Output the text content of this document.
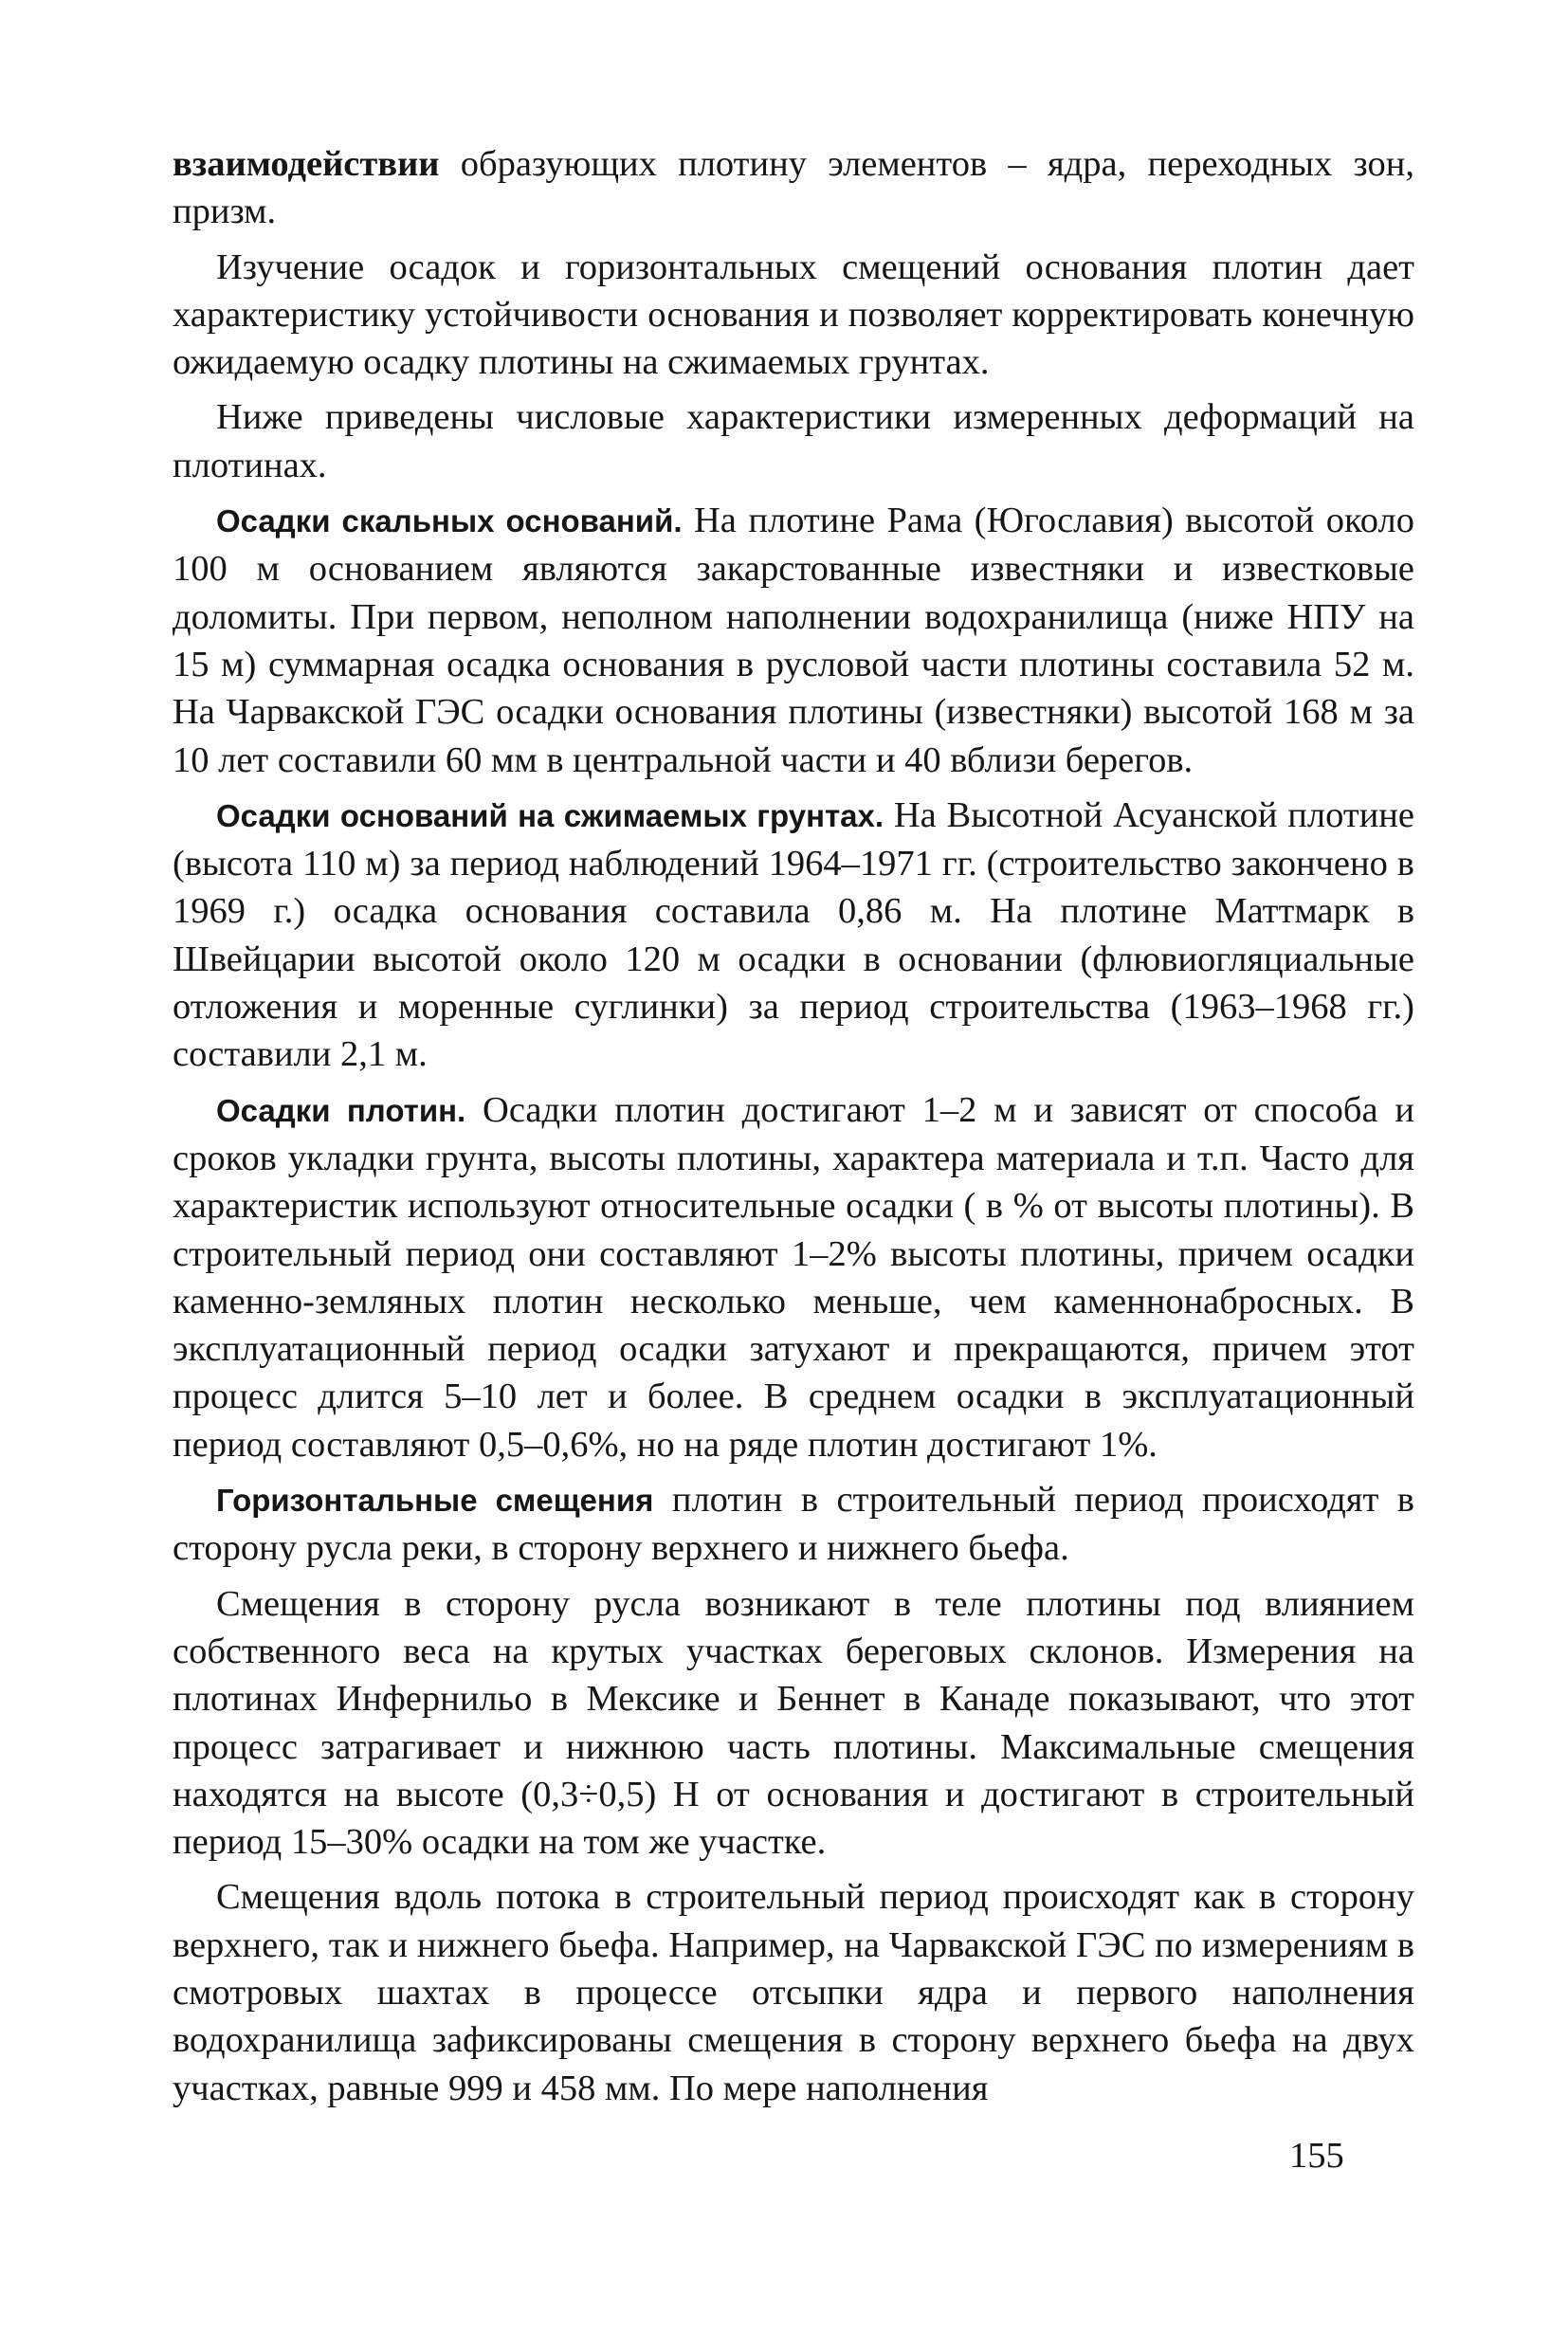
взаимодействии образующих плотину элементов – ядра, переходных зон, призм.

Изучение осадок и горизонтальных смещений основания плотин дает характеристику устойчивости основания и позволяет корректировать конечную ожидаемую осадку плотины на сжимаемых грунтах.

Ниже приведены числовые характеристики измеренных деформаций на плотинах.

Осадки скальных оснований. На плотине Рама (Югославия) высотой около 100 м основанием являются закарстованные известняки и известковые доломиты. При первом, неполном наполнении водохранилища (ниже НПУ на 15 м) суммарная осадка основания в русловой части плотины составила 52 м. На Чарвакской ГЭС осадки основания плотины (известняки) высотой 168 м за 10 лет составили 60 мм в центральной части и 40 вблизи берегов.

Осадки оснований на сжимаемых грунтах. На Высотной Асуанской плотине (высота 110 м) за период наблюдений 1964–1971 гг. (строительство закончено в 1969 г.) осадка основания составила 0,86 м. На плотине Маттмарк в Швейцарии высотой около 120 м осадки в основании (флювиогляциальные отложения и моренные суглинки) за период строительства (1963–1968 гг.) составили 2,1 м.

Осадки плотин. Осадки плотин достигают 1–2 м и зависят от способа и сроков укладки грунта, высоты плотины, характера материала и т.п. Часто для характеристик используют относительные осадки ( в % от высоты плотины). В строительный период они составляют 1–2% высоты плотины, причем осадки каменно-земляных плотин несколько меньше, чем каменнонабросных. В эксплуатационный период осадки затухают и прекращаются, причем этот процесс длится 5–10 лет и более. В среднем осадки в эксплуатационный период составляют 0,5–0,6%, но на ряде плотин достигают 1%.

Горизонтальные смещения плотин в строительный период происходят в сторону русла реки, в сторону верхнего и нижнего бьефа.

Смещения в сторону русла возникают в теле плотины под влиянием собственного веса на крутых участках береговых склонов. Измерения на плотинах Инфернильо в Мексике и Беннет в Канаде показывают, что этот процесс затрагивает и нижнюю часть плотины. Максимальные смещения находятся на высоте (0,3÷0,5) Н от основания и достигают в строительный период 15–30% осадки на том же участке.

Смещения вдоль потока в строительный период происходят как в сторону верхнего, так и нижнего бьефа. Например, на Чарвакской ГЭС по измерениям в смотровых шахтах в процессе отсыпки ядра и первого наполнения водохранилища зафиксированы смещения в сторону верхнего бьефа на двух участках, равные 999 и 458 мм. По мере наполнения

155
